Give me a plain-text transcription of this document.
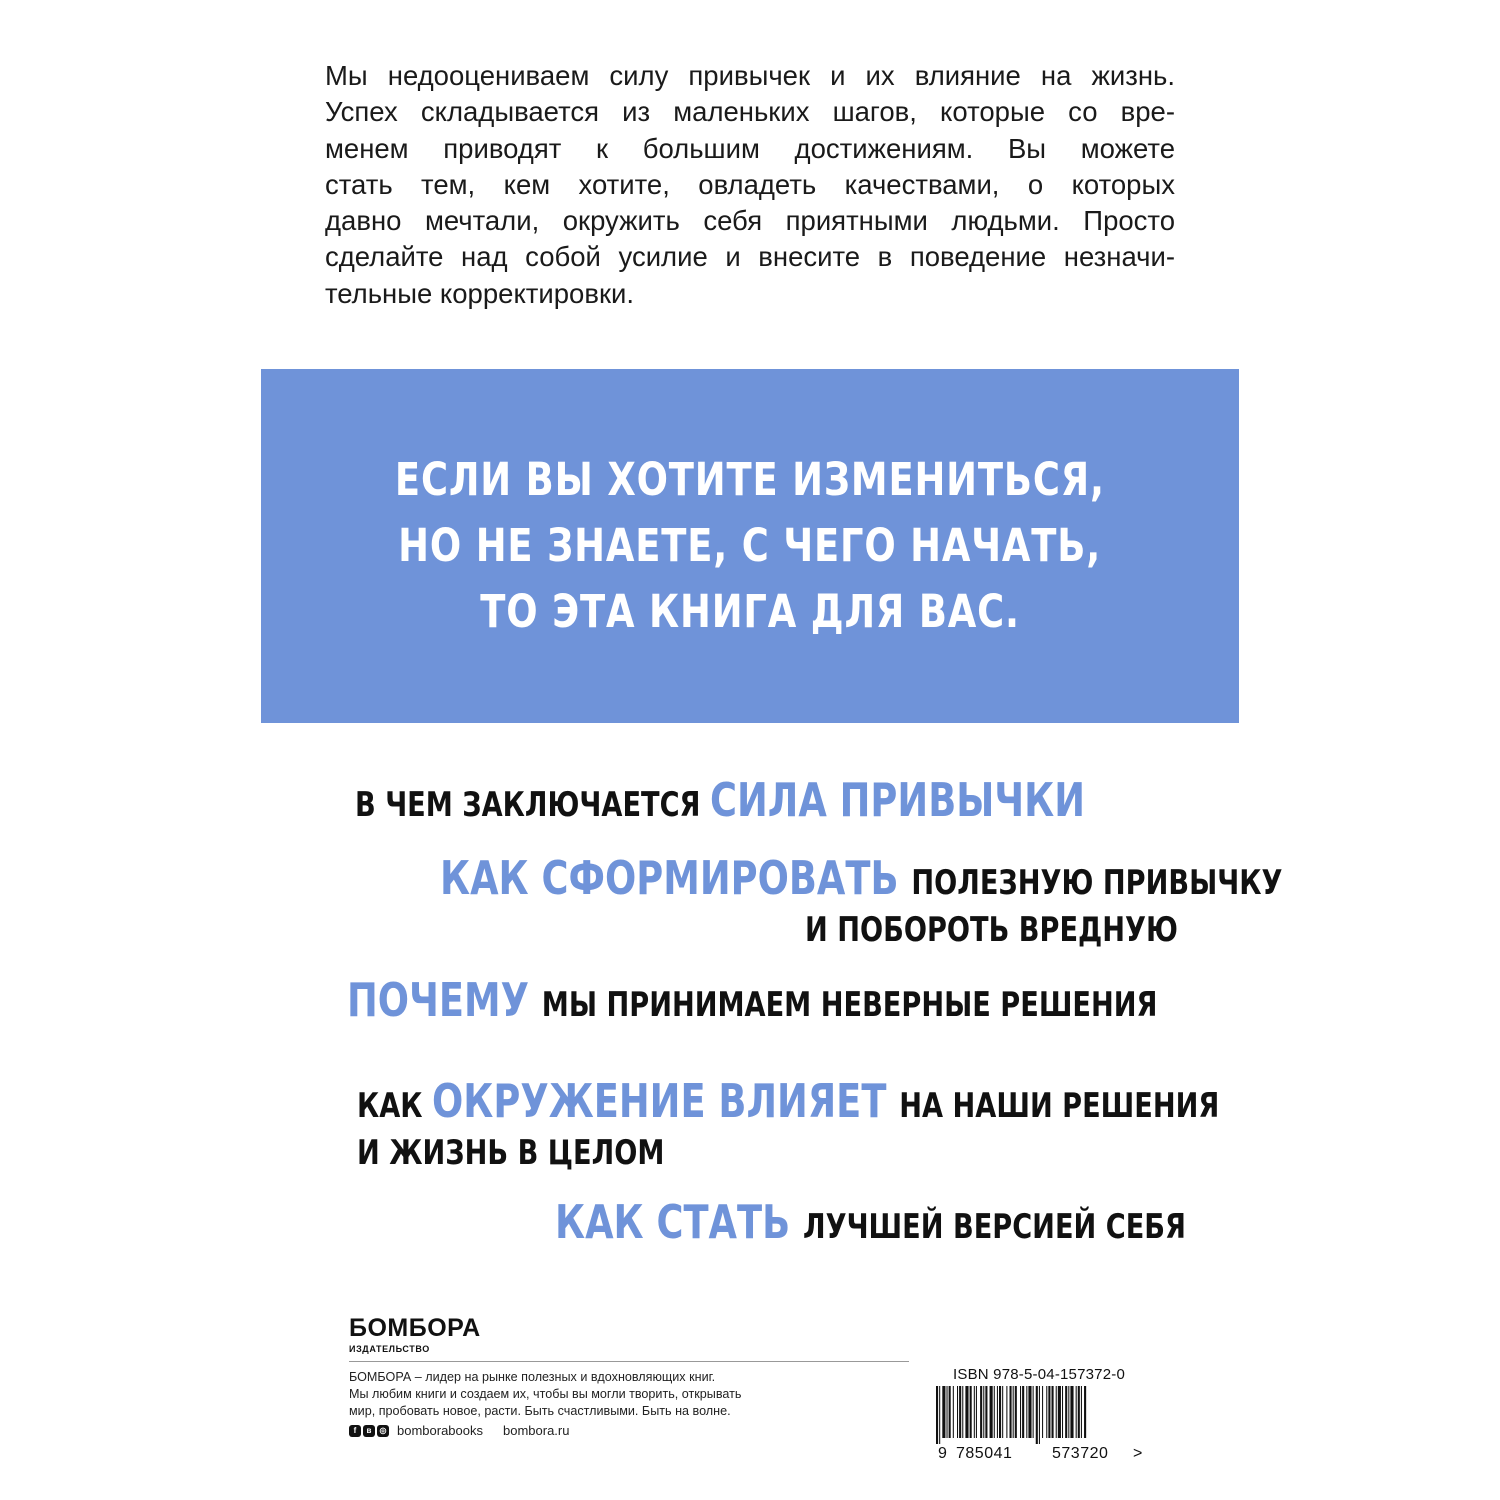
Мы недооцениваем силу привычек и их влияние на жизнь.
Успех складывается из маленьких шагов, которые со вре-
менем приводят к большим достижениям. Вы можете
стать тем, кем хотите, овладеть качествами, о которых
давно мечтали, окружить себя приятными людьми. Просто
сделайте над собой усилие и внесите в поведение незначи-
тельные корректировки.
ЕСЛИ ВЫ ХОТИТЕ ИЗМЕНИТЬСЯ,
НО НЕ ЗНАЕТЕ, С ЧЕГО НАЧАТЬ,
ТО ЭТА КНИГА ДЛЯ ВАС.
В ЧЕМ ЗАКЛЮЧАЕТСЯ СИЛА ПРИВЫЧКИ
КАК СФОРМИРОВАТЬ ПОЛЕЗНУЮ ПРИВЫЧКУ
И ПОБОРОТЬ ВРЕДНУЮ
ПОЧЕМУ МЫ ПРИНИМАЕМ НЕВЕРНЫЕ РЕШЕНИЯ
КАК ОКРУЖЕНИЕ ВЛИЯЕТ НА НАШИ РЕШЕНИЯ
И ЖИЗНЬ В ЦЕЛОМ
КАК СТАТЬ ЛУЧШЕЙ ВЕРСИЕЙ СЕБЯ
БОМБОРА
ИЗДАТЕЛЬСТВО
БОМБОРА – лидер на рынке полезных и вдохновляющих книг.
Мы любим книги и создаем их, чтобы вы могли творить, открывать
мир, пробовать новое, расти. Быть счастливыми. Быть на волне.
f	в	◎ bomborabooks bombora.ru
ISBN 978-5-04-157372-0
9 785041 573720 >
